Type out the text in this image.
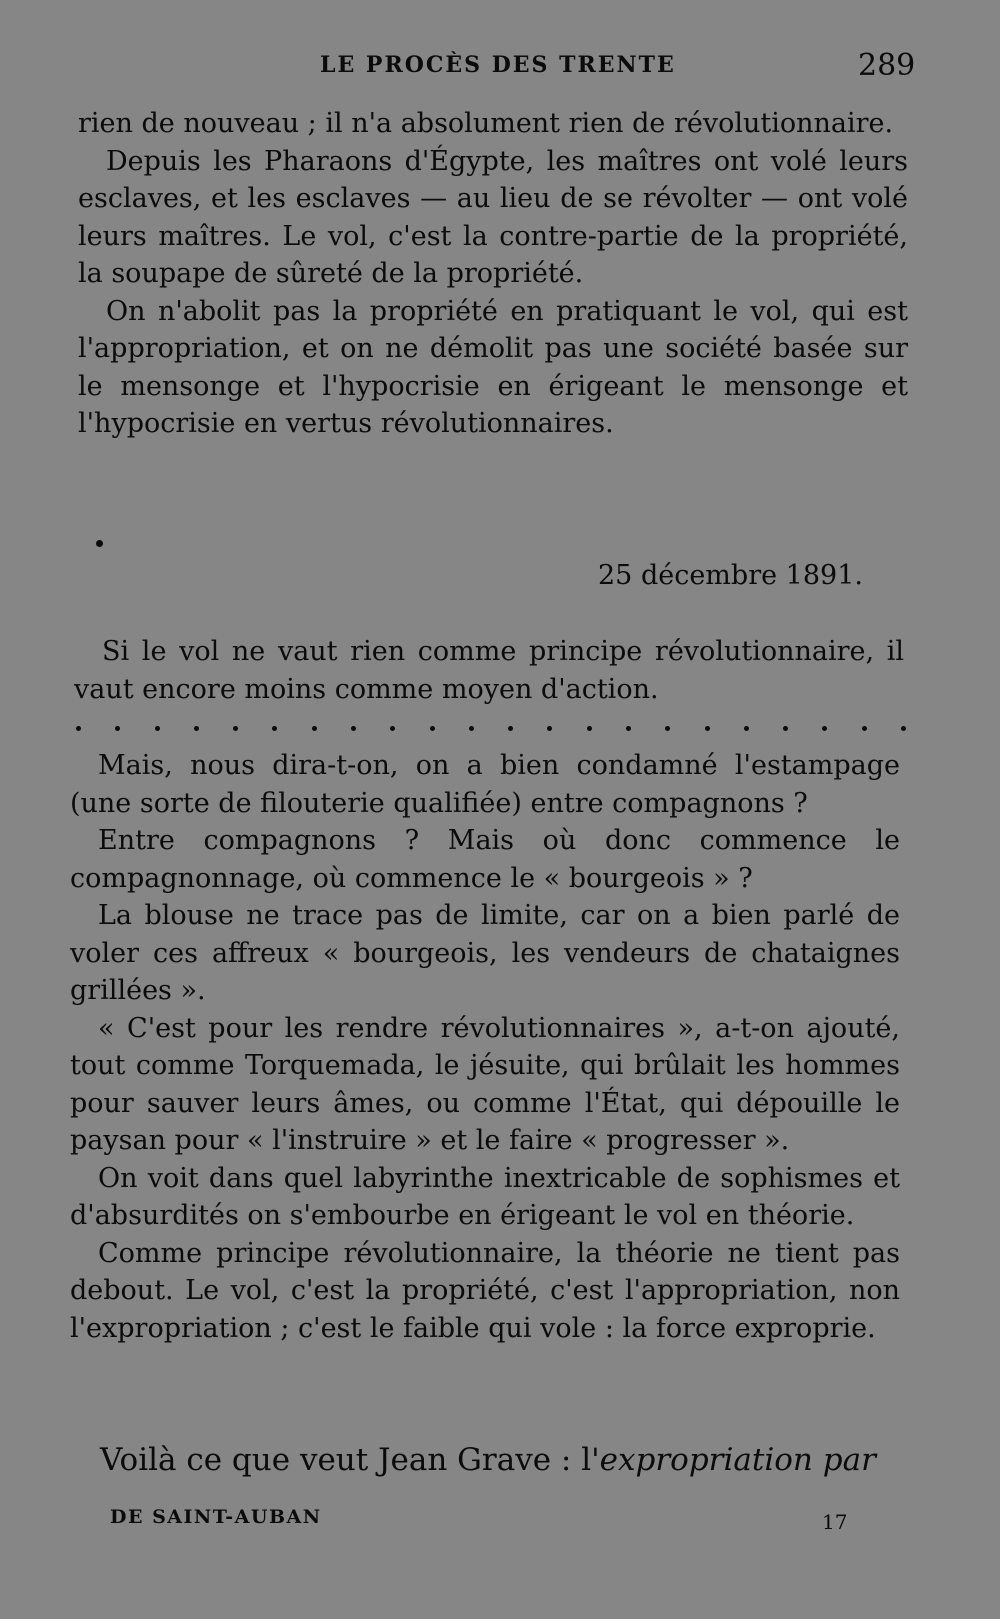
LE PROCÈS DES TRENTE	289

rien de nouveau ; il n'a absolument rien de révolutionnaire.

Depuis les Pharaons d'Égypte, les maîtres ont volé leurs esclaves, et les esclaves — au lieu de se révolter — ont volé leurs maîtres. Le vol, c'est la contre-partie de la propriété, la soupape de sûreté de la propriété.

On n'abolit pas la propriété en pratiquant le vol, qui est l'appropriation, et on ne démolit pas une société basée sur le mensonge et l'hypocrisie en érigeant le mensonge et l'hypocrisie en vertus révolutionnaires.

25 décembre 1891.

Si le vol ne vaut rien comme principe révolutionnaire, il vaut encore moins comme moyen d'action.

Mais, nous dira-t-on, on a bien condamné l'estampage (une sorte de filouterie qualifiée) entre compagnons ?

Entre compagnons ? Mais où donc commence le compagnonnage, où commence le « bourgeois » ?

La blouse ne trace pas de limite, car on a bien parlé de voler ces affreux « bourgeois, les vendeurs de chataignes grillées ».

« C'est pour les rendre révolutionnaires », a-t-on ajouté, tout comme Torquemada, le jésuite, qui brûlait les hommes pour sauver leurs âmes, ou comme l'État, qui dépouille le paysan pour « l'instruire » et le faire « progresser ».

On voit dans quel labyrinthe inextricable de sophismes et d'absurdités on s'embourbe en érigeant le vol en théorie.

Comme principe révolutionnaire, la théorie ne tient pas debout. Le vol, c'est la propriété, c'est l'appropriation, non l'expropriation ; c'est le faible qui vole : la force exproprie.

Voilà ce que veut Jean Grave : l'expropriation par
DE SAINT-AUBAN	17
